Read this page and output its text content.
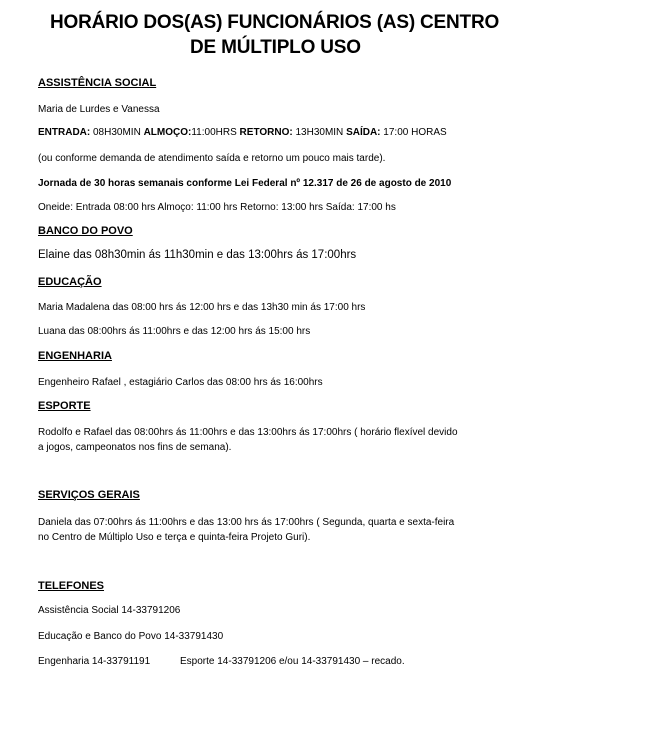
HORÁRIO DOS(AS) FUNCIONÁRIOS (AS) CENTRO
DE MÚLTIPLO USO
ASSISTÊNCIA SOCIAL
Maria de Lurdes e Vanessa
ENTRADA: 08H30MIN ALMOÇO:11:00HRS RETORNO: 13H30MIN SAÍDA: 17:00 HORAS
(ou conforme demanda de atendimento saída e retorno um pouco mais tarde).
Jornada de 30 horas semanais conforme Lei Federal nº 12.317 de 26 de agosto de 2010
Oneide: Entrada 08:00 hrs Almoço: 11:00 hrs Retorno: 13:00 hrs Saída: 17:00 hs
BANCO DO POVO
Elaine das 08h30min ás 11h30min e das 13:00hrs ás 17:00hrs
EDUCAÇÃO
Maria Madalena das 08:00 hrs ás 12:00 hrs e das 13h30 min ás 17:00 hrs
Luana das 08:00hrs ás 11:00hrs e das 12:00 hrs ás 15:00 hrs
ENGENHARIA
Engenheiro Rafael , estagiário Carlos das 08:00 hrs ás 16:00hrs
ESPORTE
Rodolfo e Rafael das 08:00hrs ás 11:00hrs e das 13:00hrs ás 17:00hrs ( horário flexível devido a jogos, campeonatos nos fins de semana).
SERVIÇOS GERAIS
Daniela das 07:00hrs ás 11:00hrs e das 13:00 hrs ás 17:00hrs ( Segunda, quarta e sexta-feira no Centro de Múltiplo Uso e terça e quinta-feira Projeto Guri).
TELEFONES
Assistência Social 14-33791206
Educação e Banco do Povo 14-33791430
Engenharia 14-33791191	Esporte 14-33791206 e/ou 14-33791430 – recado.
